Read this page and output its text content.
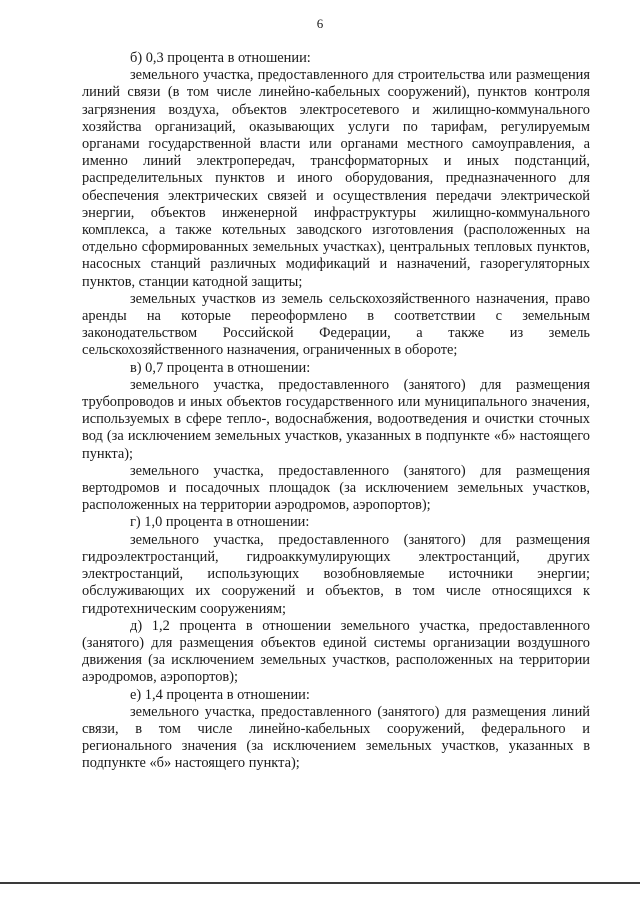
6

б) 0,3 процента в отношении:

земельного участка, предоставленного для строительства или размещения линий связи (в том числе линейно-кабельных сооружений), пунктов контроля загрязнения воздуха, объектов электросетевого и жилищно-коммунального хозяйства организаций, оказывающих услуги по тарифам, регулируемым органами государственной власти или органами местного самоуправления, а именно линий электропередач, трансформаторных и иных подстанций, распределительных пунктов и иного оборудования, предназначенного для обеспечения электрических связей и осуществления передачи электрической энергии, объектов инженерной инфраструктуры жилищно-коммунального комплекса, а также котельных заводского изготовления (расположенных на отдельно сформированных земельных участках), центральных тепловых пунктов, насосных станций различных модификаций и назначений, газорегуляторных пунктов, станции катодной защиты;

земельных участков из земель сельскохозяйственного назначения, право аренды на которые переоформлено в соответствии с земельным законодательством Российской Федерации, а также из земель сельскохозяйственного назначения, ограниченных в обороте;

в) 0,7 процента в отношении:

земельного участка, предоставленного (занятого) для размещения трубопроводов и иных объектов государственного или муниципального значения, используемых в сфере тепло-, водоснабжения, водоотведения и очистки сточных вод (за исключением земельных участков, указанных в подпункте «б» настоящего пункта);

земельного участка, предоставленного (занятого) для размещения вертодромов и посадочных площадок (за исключением земельных участков, расположенных на территории аэродромов, аэропортов);

г) 1,0 процента в отношении:

земельного участка, предоставленного (занятого) для размещения гидроэлектростанций, гидроаккумулирующих электростанций, других электростанций, использующих возобновляемые источники энергии; обслуживающих их сооружений и объектов, в том числе относящихся к гидротехническим сооружениям;

д) 1,2 процента в отношении земельного участка, предоставленного (занятого) для размещения объектов единой системы организации воздушного движения (за исключением земельных участков, расположенных на территории аэродромов, аэропортов);

е) 1,4 процента в отношении:

земельного участка, предоставленного (занятого) для размещения линий связи, в том числе линейно-кабельных сооружений, федерального и регионального значения (за исключением земельных участков, указанных в подпункте «б» настоящего пункта);
